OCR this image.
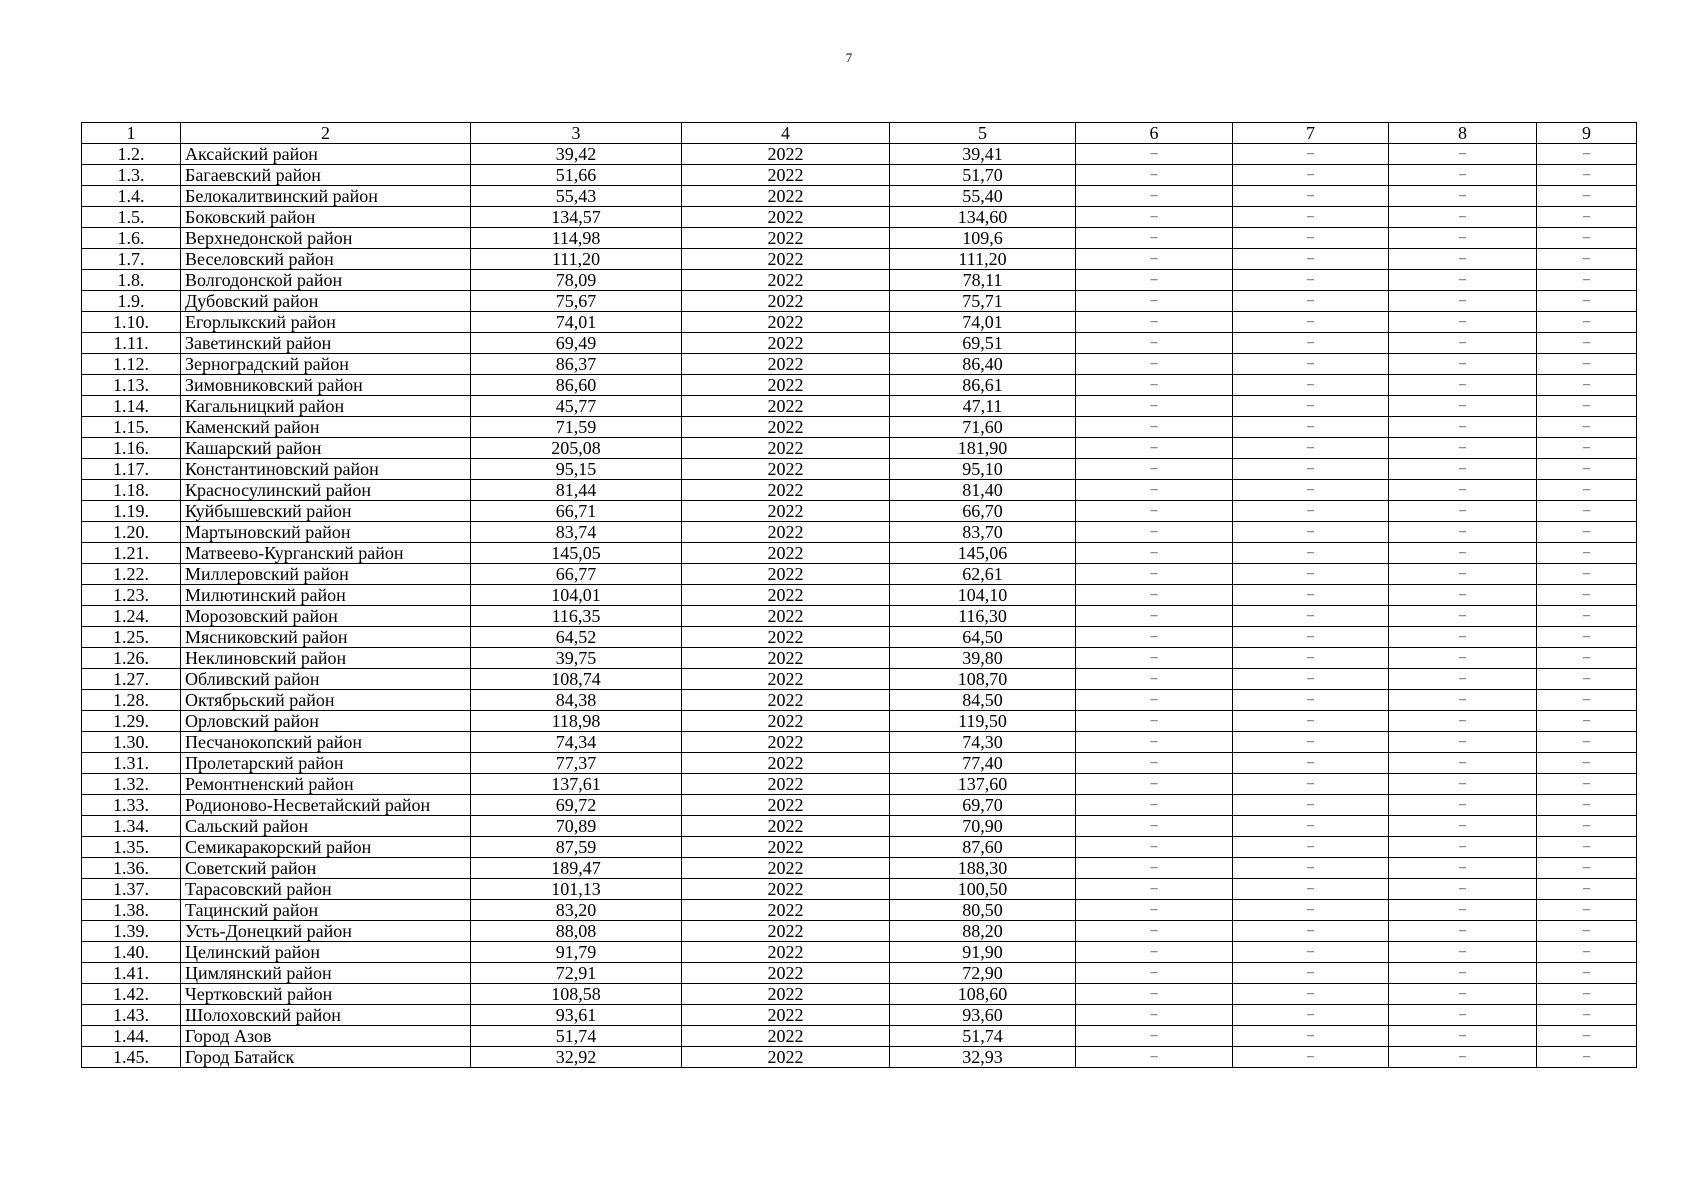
7
1	2	3	4	5	6	7	8	9
1.2.	Аксайский район	39,42	2022	39,41	–	–	–	–
1.3.	Багаевский район	51,66	2022	51,70	–	–	–	–
1.4.	Белокалитвинский район	55,43	2022	55,40	–	–	–	–
1.5.	Боковский район	134,57	2022	134,60	–	–	–	–
1.6.	Верхнедонской район	114,98	2022	109,6	–	–	–	–
1.7.	Веселовский район	111,20	2022	111,20	–	–	–	–
1.8.	Волгодонской район	78,09	2022	78,11	–	–	–	–
1.9.	Дубовский район	75,67	2022	75,71	–	–	–	–
1.10.	Егорлыкский район	74,01	2022	74,01	–	–	–	–
1.11.	Заветинский район	69,49	2022	69,51	–	–	–	–
1.12.	Зерноградский район	86,37	2022	86,40	–	–	–	–
1.13.	Зимовниковский район	86,60	2022	86,61	–	–	–	–
1.14.	Кагальницкий район	45,77	2022	47,11	–	–	–	–
1.15.	Каменский район	71,59	2022	71,60	–	–	–	–
1.16.	Кашарский район	205,08	2022	181,90	–	–	–	–
1.17.	Константиновский район	95,15	2022	95,10	–	–	–	–
1.18.	Красносулинский район	81,44	2022	81,40	–	–	–	–
1.19.	Куйбышевский район	66,71	2022	66,70	–	–	–	–
1.20.	Мартыновский район	83,74	2022	83,70	–	–	–	–
1.21.	Матвеево-Курганский район	145,05	2022	145,06	–	–	–	–
1.22.	Миллеровский район	66,77	2022	62,61	–	–	–	–
1.23.	Милютинский район	104,01	2022	104,10	–	–	–	–
1.24.	Морозовский район	116,35	2022	116,30	–	–	–	–
1.25.	Мясниковский район	64,52	2022	64,50	–	–	–	–
1.26.	Неклиновский район	39,75	2022	39,80	–	–	–	–
1.27.	Обливский район	108,74	2022	108,70	–	–	–	–
1.28.	Октябрьский район	84,38	2022	84,50	–	–	–	–
1.29.	Орловский район	118,98	2022	119,50	–	–	–	–
1.30.	Песчанокопский район	74,34	2022	74,30	–	–	–	–
1.31.	Пролетарский район	77,37	2022	77,40	–	–	–	–
1.32.	Ремонтненский район	137,61	2022	137,60	–	–	–	–
1.33.	Родионово-Несветайский район	69,72	2022	69,70	–	–	–	–
1.34.	Сальский район	70,89	2022	70,90	–	–	–	–
1.35.	Семикаракорский район	87,59	2022	87,60	–	–	–	–
1.36.	Советский район	189,47	2022	188,30	–	–	–	–
1.37.	Тарасовский район	101,13	2022	100,50	–	–	–	–
1.38.	Тацинский район	83,20	2022	80,50	–	–	–	–
1.39.	Усть-Донецкий район	88,08	2022	88,20	–	–	–	–
1.40.	Целинский район	91,79	2022	91,90	–	–	–	–
1.41.	Цимлянский район	72,91	2022	72,90	–	–	–	–
1.42.	Чертковский район	108,58	2022	108,60	–	–	–	–
1.43.	Шолоховский район	93,61	2022	93,60	–	–	–	–
1.44.	Город Азов	51,74	2022	51,74	–	–	–	–
1.45.	Город Батайск	32,92	2022	32,93	–	–	–	–
